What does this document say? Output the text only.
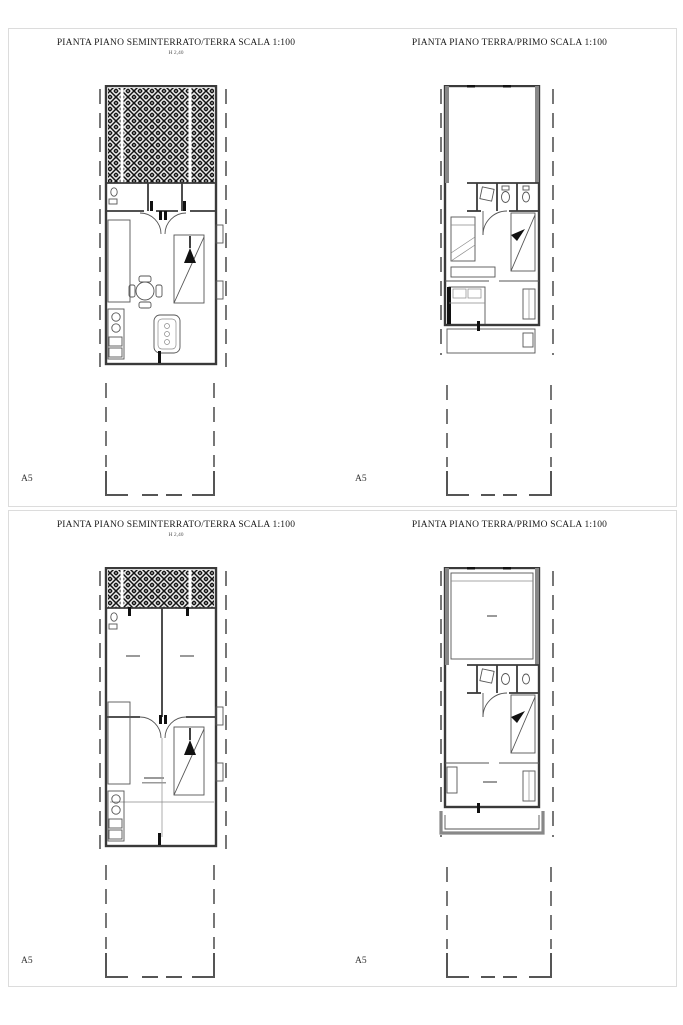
PIANTA PIANO SEMINTERRATO/TERRA SCALA 1:100
H 2,40
A5
PIANTA PIANO TERRA/PRIMO SCALA 1:100
A5
PIANTA PIANO SEMINTERRATO/TERRA SCALA 1:100
H 2,40
A5
PIANTA PIANO TERRA/PRIMO SCALA 1:100
A5
